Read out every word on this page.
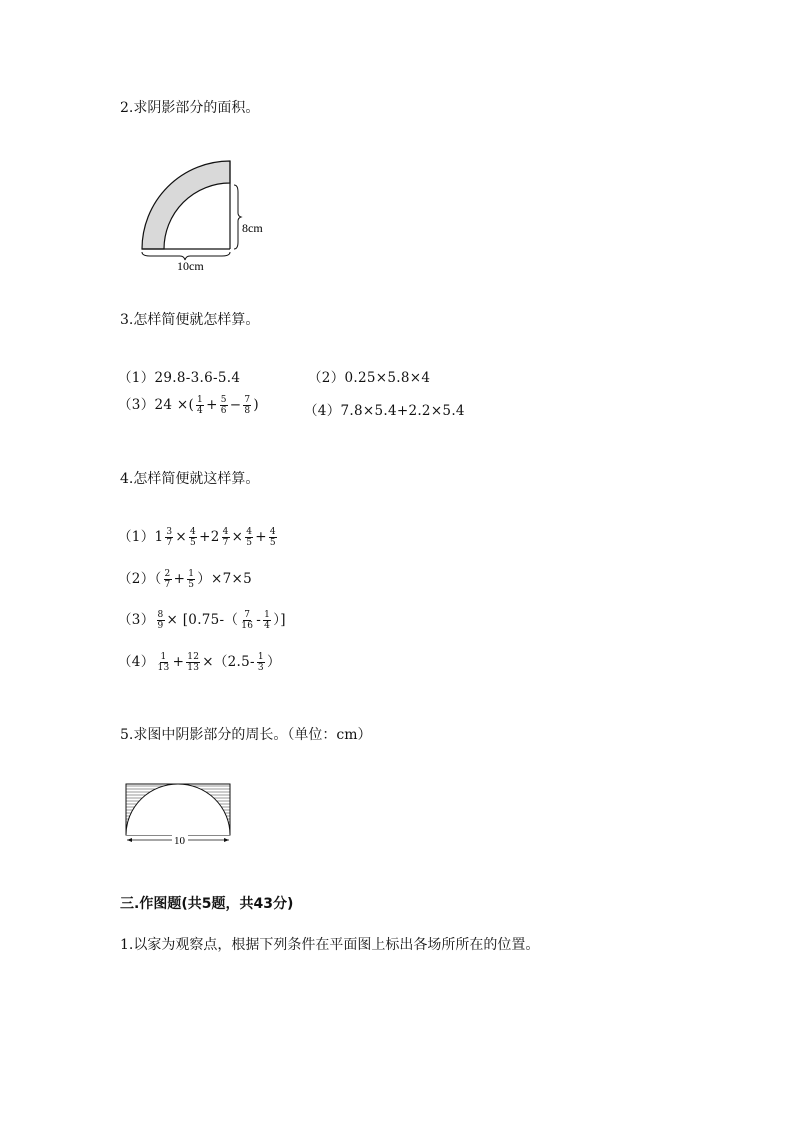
2.求阴影部分的面积。
8cm
10cm
3.怎样简便就怎样算。
（1）29.8-3.6-5.4	（2）0.25×5.8×4
（3）24 ×( $\frac{1}{4} + \frac{5}{6} - \frac{7}{8}$ )	（4）7.8×5.4+2.2×5.4
4.怎样简便就这样算。
$(1)1 \frac{3}{7} \times \frac{4}{5} +2 \frac{4}{7} \times \frac{4}{5} + \frac{4}{5}$
$(2)( \frac{2}{7} + \frac{1}{5} )\times 7\times 5$
$(3) \frac{8}{9} \times [0.75-( \frac{7}{16} - \frac{1}{4}$ ）]
$(4) \frac{1}{13} + \frac{12}{13} \times(2.5- \frac{1}{3}$ ）
5.求图中阴影部分的周长。（单位：cm）
10
三.作图题(共5题，共43分)
1.以家为观察点，根据下列条件在平面图上标出各场所所在的位置。
